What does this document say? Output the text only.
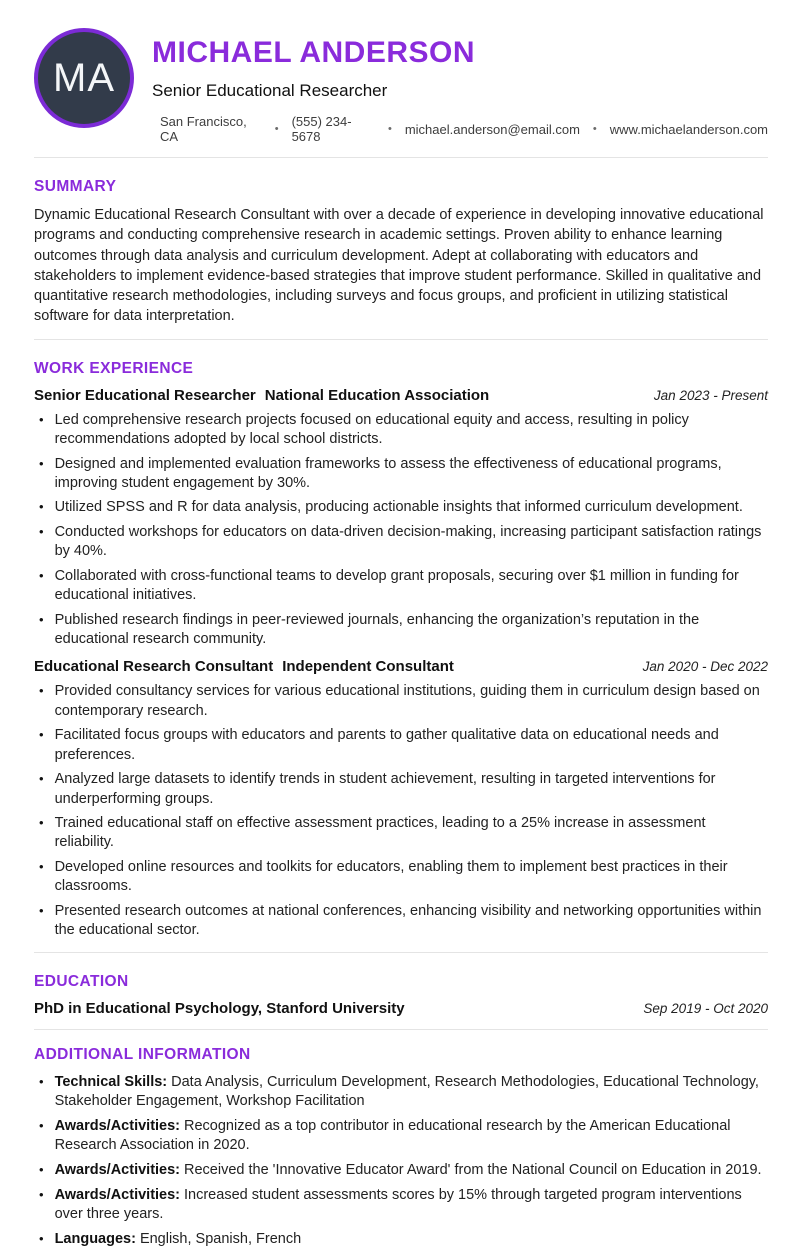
MA
MICHAEL ANDERSON
Senior Educational Researcher
San Francisco, CA	• (555) 234-5678	• michael.anderson@email.com • www.michaelanderson.com
SUMMARY
Dynamic Educational Research Consultant with over a decade of experience in developing innovative educational programs and conducting comprehensive research in academic settings. Proven ability to enhance learning outcomes through data analysis and curriculum development. Adept at collaborating with educators and stakeholders to implement evidence-based strategies that improve student performance. Skilled in qualitative and quantitative research methodologies, including surveys and focus groups, and proficient in utilizing statistical software for data interpretation.
WORK EXPERIENCE
Senior Educational Researcher National Education Association	Jan 2023 - Present
• Led comprehensive research projects focused on educational equity and access, resulting in policy recommendations adopted by local school districts.
• Designed and implemented evaluation frameworks to assess the effectiveness of educational programs, improving student engagement by 30%.
• Utilized SPSS and R for data analysis, producing actionable insights that informed curriculum development.
• Conducted workshops for educators on data-driven decision-making, increasing participant satisfaction ratings by 40%.
• Collaborated with cross-functional teams to develop grant proposals, securing over $1 million in funding for educational initiatives.
• Published research findings in peer-reviewed journals, enhancing the organization’s reputation in the educational research community.
Educational Research Consultant Independent Consultant	Jan 2020 - Dec 2022
• Provided consultancy services for various educational institutions, guiding them in curriculum design based on contemporary research.
• Facilitated focus groups with educators and parents to gather qualitative data on educational needs and preferences.
• Analyzed large datasets to identify trends in student achievement, resulting in targeted interventions for underperforming groups.
• Trained educational staff on effective assessment practices, leading to a 25% increase in assessment reliability.
• Developed online resources and toolkits for educators, enabling them to implement best practices in their classrooms.
• Presented research outcomes at national conferences, enhancing visibility and networking opportunities within the educational sector.
EDUCATION
PhD in Educational Psychology, Stanford University	Sep 2019 - Oct 2020
ADDITIONAL INFORMATION
• Technical Skills: Data Analysis, Curriculum Development, Research Methodologies, Educational Technology, Stakeholder Engagement, Workshop Facilitation
• Awards/Activities: Recognized as a top contributor in educational research by the American Educational Research Association in 2020.
• Awards/Activities: Received the 'Innovative Educator Award' from the National Council on Education in 2019.
• Awards/Activities: Increased student assessments scores by 15% through targeted program interventions over three years.
• Languages: English, Spanish, French
